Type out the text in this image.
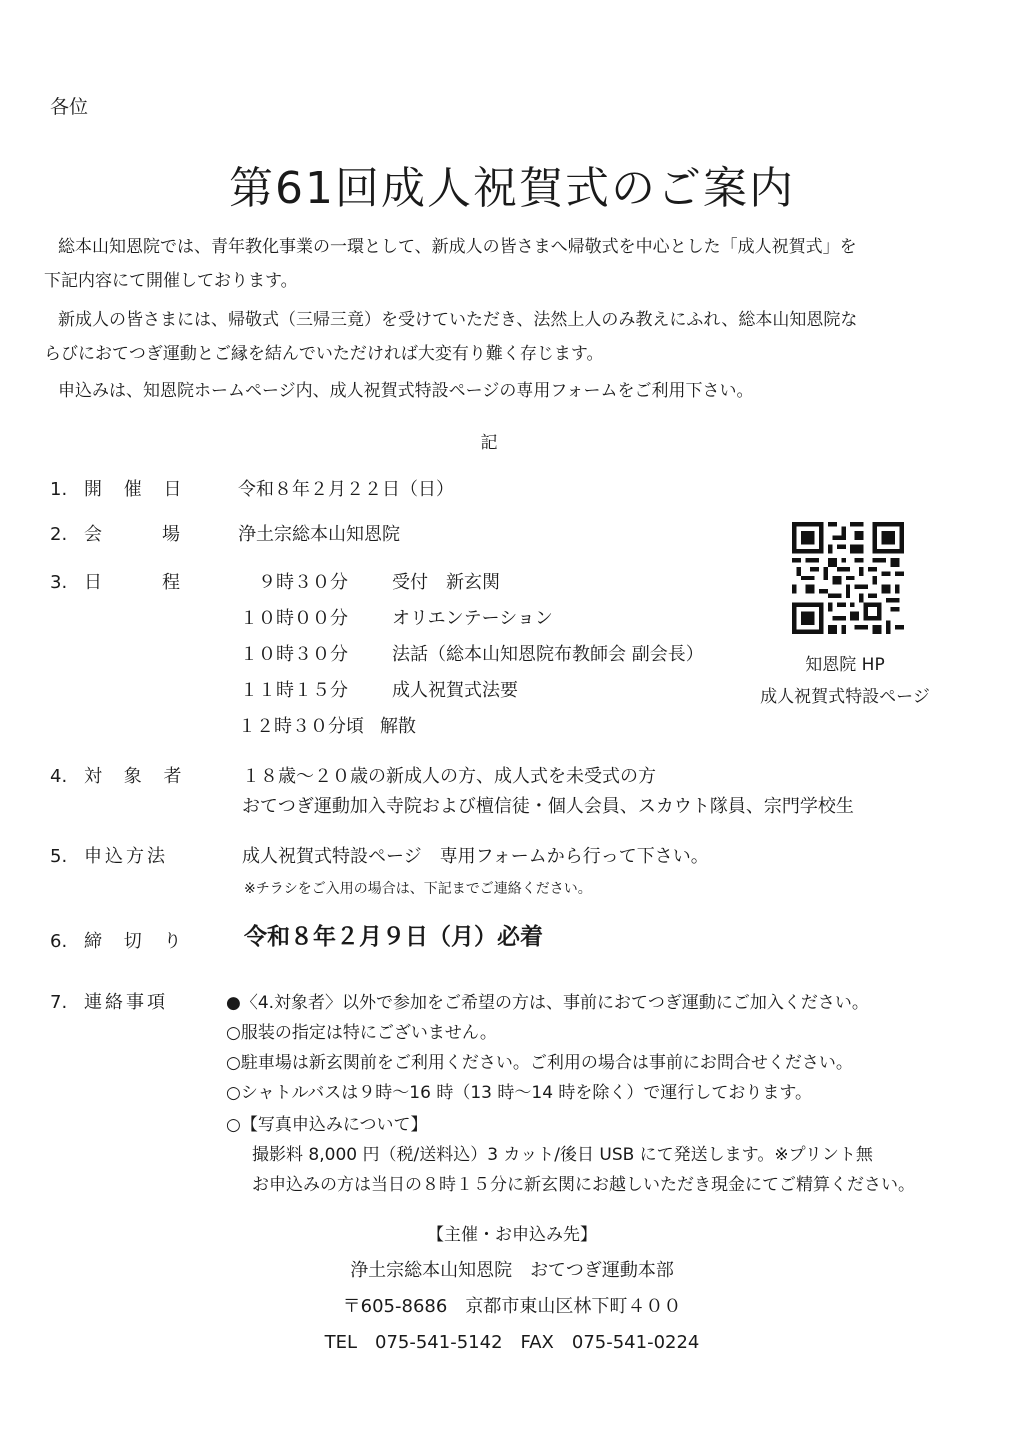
各位
第61回成人祝賀式のご案内
総本山知恩院では、青年教化事業の一環として、新成人の皆さまへ帰敬式を中心とした「成人祝賀式」を
下記内容にて開催しております。
新成人の皆さまには、帰敬式（三帰三竟）を受けていただき、法然上人のみ教えにふれ、総本山知恩院な
らびにおてつぎ運動とご縁を結んでいただければ大変有り難く存じます。
申込みは、知恩院ホームページ内、成人祝賀式特設ページの専用フォームをご利用下さい。
記
1. 開 催 日	令和８年２月２２日（日）
2. 会　　場	浄土宗総本山知恩院
3. 日　　程	９時３０分 受付　新玄関
１０時００分 オリエンテーション
１０時３０分 法話（総本山知恩院布教師会 副会長）
１１時１５分 成人祝賀式法要
１２時３０分頃 解散
知恩院 HP
成人祝賀式特設ページ
4. 対 象 者	１８歳～２０歳の新成人の方、成人式を未受式の方
おてつぎ運動加入寺院および檀信徒・個人会員、スカウト隊員、宗門学校生
5. 申込方法	成人祝賀式特設ページ　専用フォームから行って下さい。
※チラシをご入用の場合は、下記までご連絡ください。
6. 締 切 り 令和８年２月９日（月）必着
7. 連絡事項	●〈4.対象者〉以外で参加をご希望の方は、事前におてつぎ運動にご加入ください。
○服装の指定は特にございません。
○駐車場は新玄関前をご利用ください。ご利用の場合は事前にお問合せください。
○シャトルバスは９時～16 時（13 時～14 時を除く）で運行しております。
○【写真申込みについて】
撮影料 8,000 円（税/送料込）3 カット/後日 USB にて発送します。※プリント無
お申込みの方は当日の８時１５分に新玄関にお越しいただき現金にてご精算ください。
【主催・お申込み先】
浄土宗総本山知恩院　おてつぎ運動本部
〒605-8686　京都市東山区林下町４００
TEL　075-541-5142　FAX　075-541-0224
